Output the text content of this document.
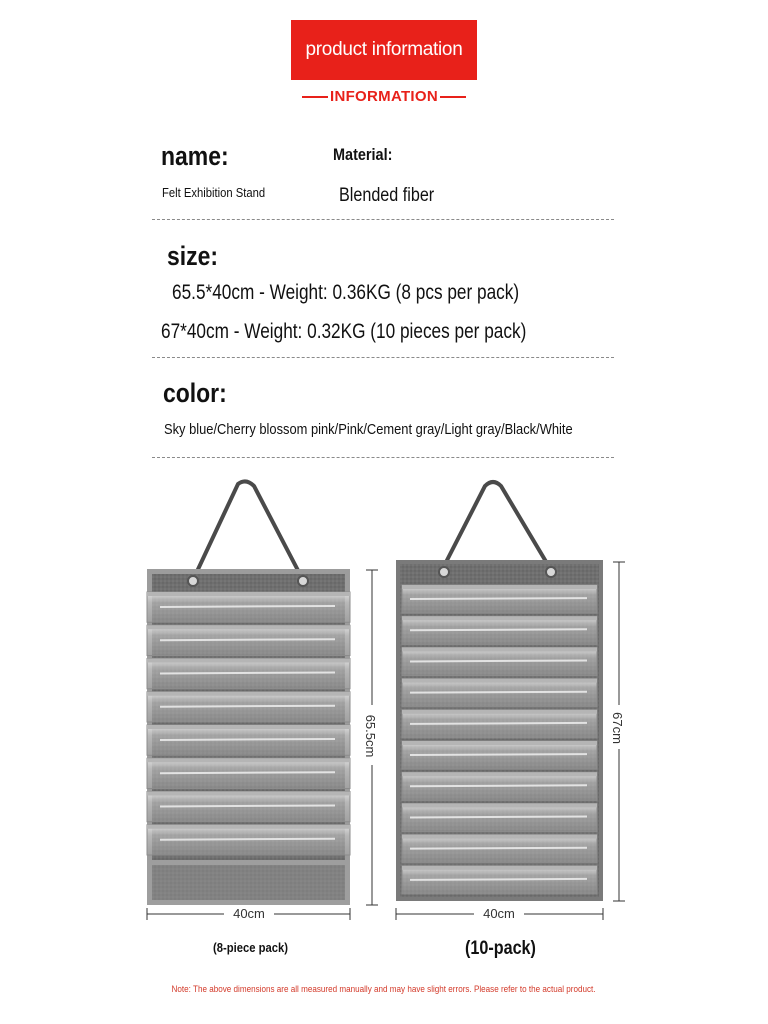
product information
INFORMATION
name:
Felt Exhibition Stand
Material:
Blended fiber
size:
65.5*40cm - Weight: 0.36KG (8 pcs per pack)
67*40cm - Weight: 0.32KG (10 pieces per pack)
color:
Sky blue/Cherry blossom pink/Pink/Cement gray/Light gray/Black/White
40cm
65.5cm
40cm
67cm
(8-piece pack)	(10-pack)
Note: The above dimensions are all measured manually and may have slight errors. Please refer to the actual product.
